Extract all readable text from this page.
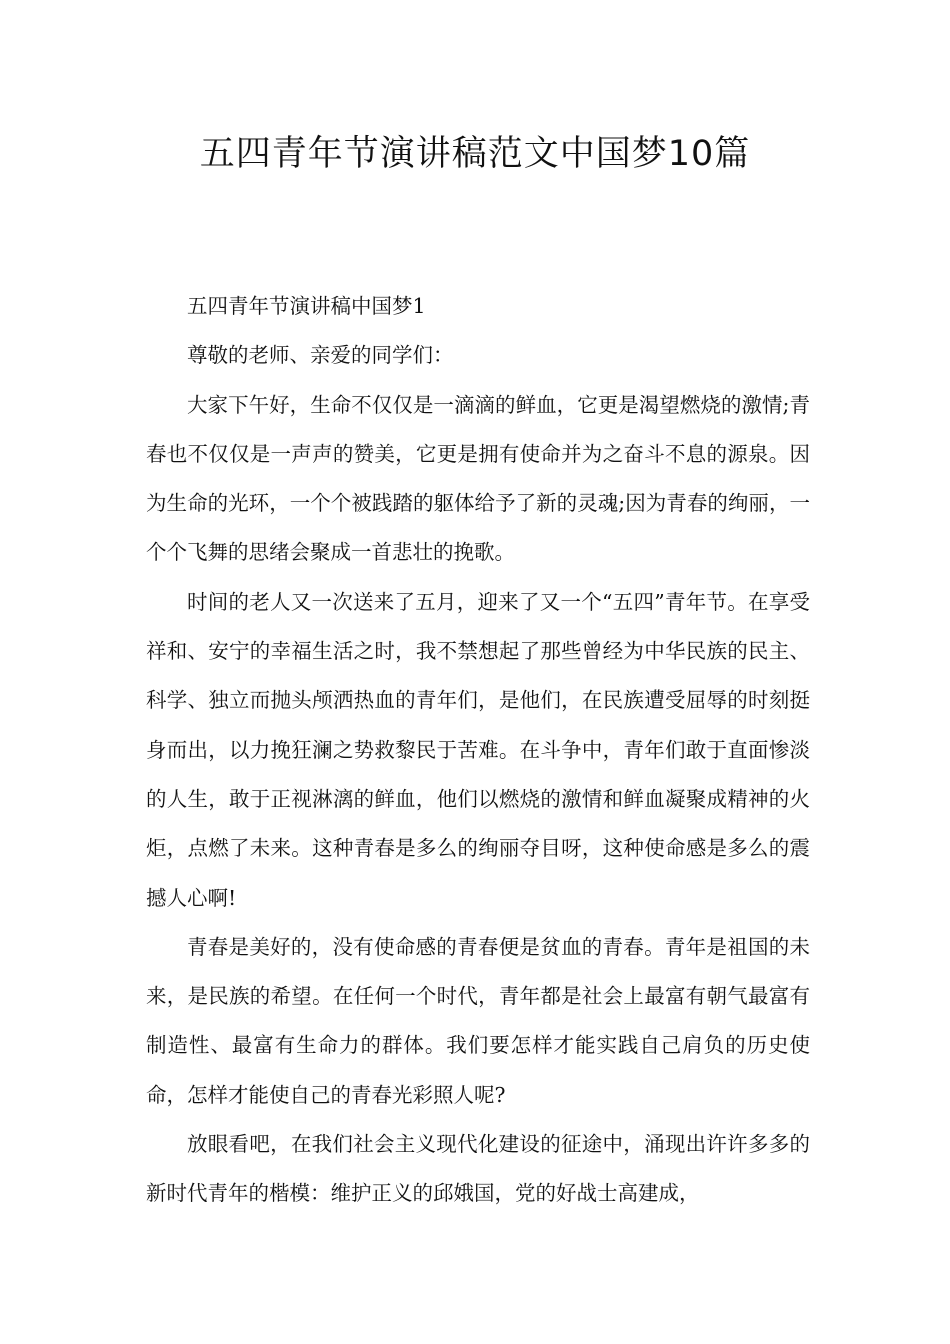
五四青年节演讲稿范文中国梦10篇

五四青年节演讲稿中国梦1

尊敬的老师、亲爱的同学们：

大家下午好，生命不仅仅是一滴滴的鲜血，它更是渴望燃烧的激情;青春也不仅仅是一声声的赞美，它更是拥有使命并为之奋斗不息的源泉。因为生命的光环，一个个被践踏的躯体给予了新的灵魂;因为青春的绚丽，一个个飞舞的思绪会聚成一首悲壮的挽歌。

时间的老人又一次送来了五月，迎来了又一个“五四”青年节。在享受祥和、安宁的幸福生活之时，我不禁想起了那些曾经为中华民族的民主、科学、独立而抛头颅洒热血的青年们，是他们，在民族遭受屈辱的时刻挺身而出，以力挽狂澜之势救黎民于苦难。在斗争中，青年们敢于直面惨淡的人生，敢于正视淋漓的鲜血，他们以燃烧的激情和鲜血凝聚成精神的火炬，点燃了未来。这种青春是多么的绚丽夺目呀，这种使命感是多么的震撼人心啊!

青春是美好的，没有使命感的青春便是贫血的青春。青年是祖国的未来，是民族的希望。在任何一个时代，青年都是社会上最富有朝气最富有制造性、最富有生命力的群体。我们要怎样才能实践自己肩负的历史使命，怎样才能使自己的青春光彩照人呢?

放眼看吧，在我们社会主义现代化建设的征途中，涌现出许许多多的新时代青年的楷模：维护正义的邱娥国，党的好战士高建成，
